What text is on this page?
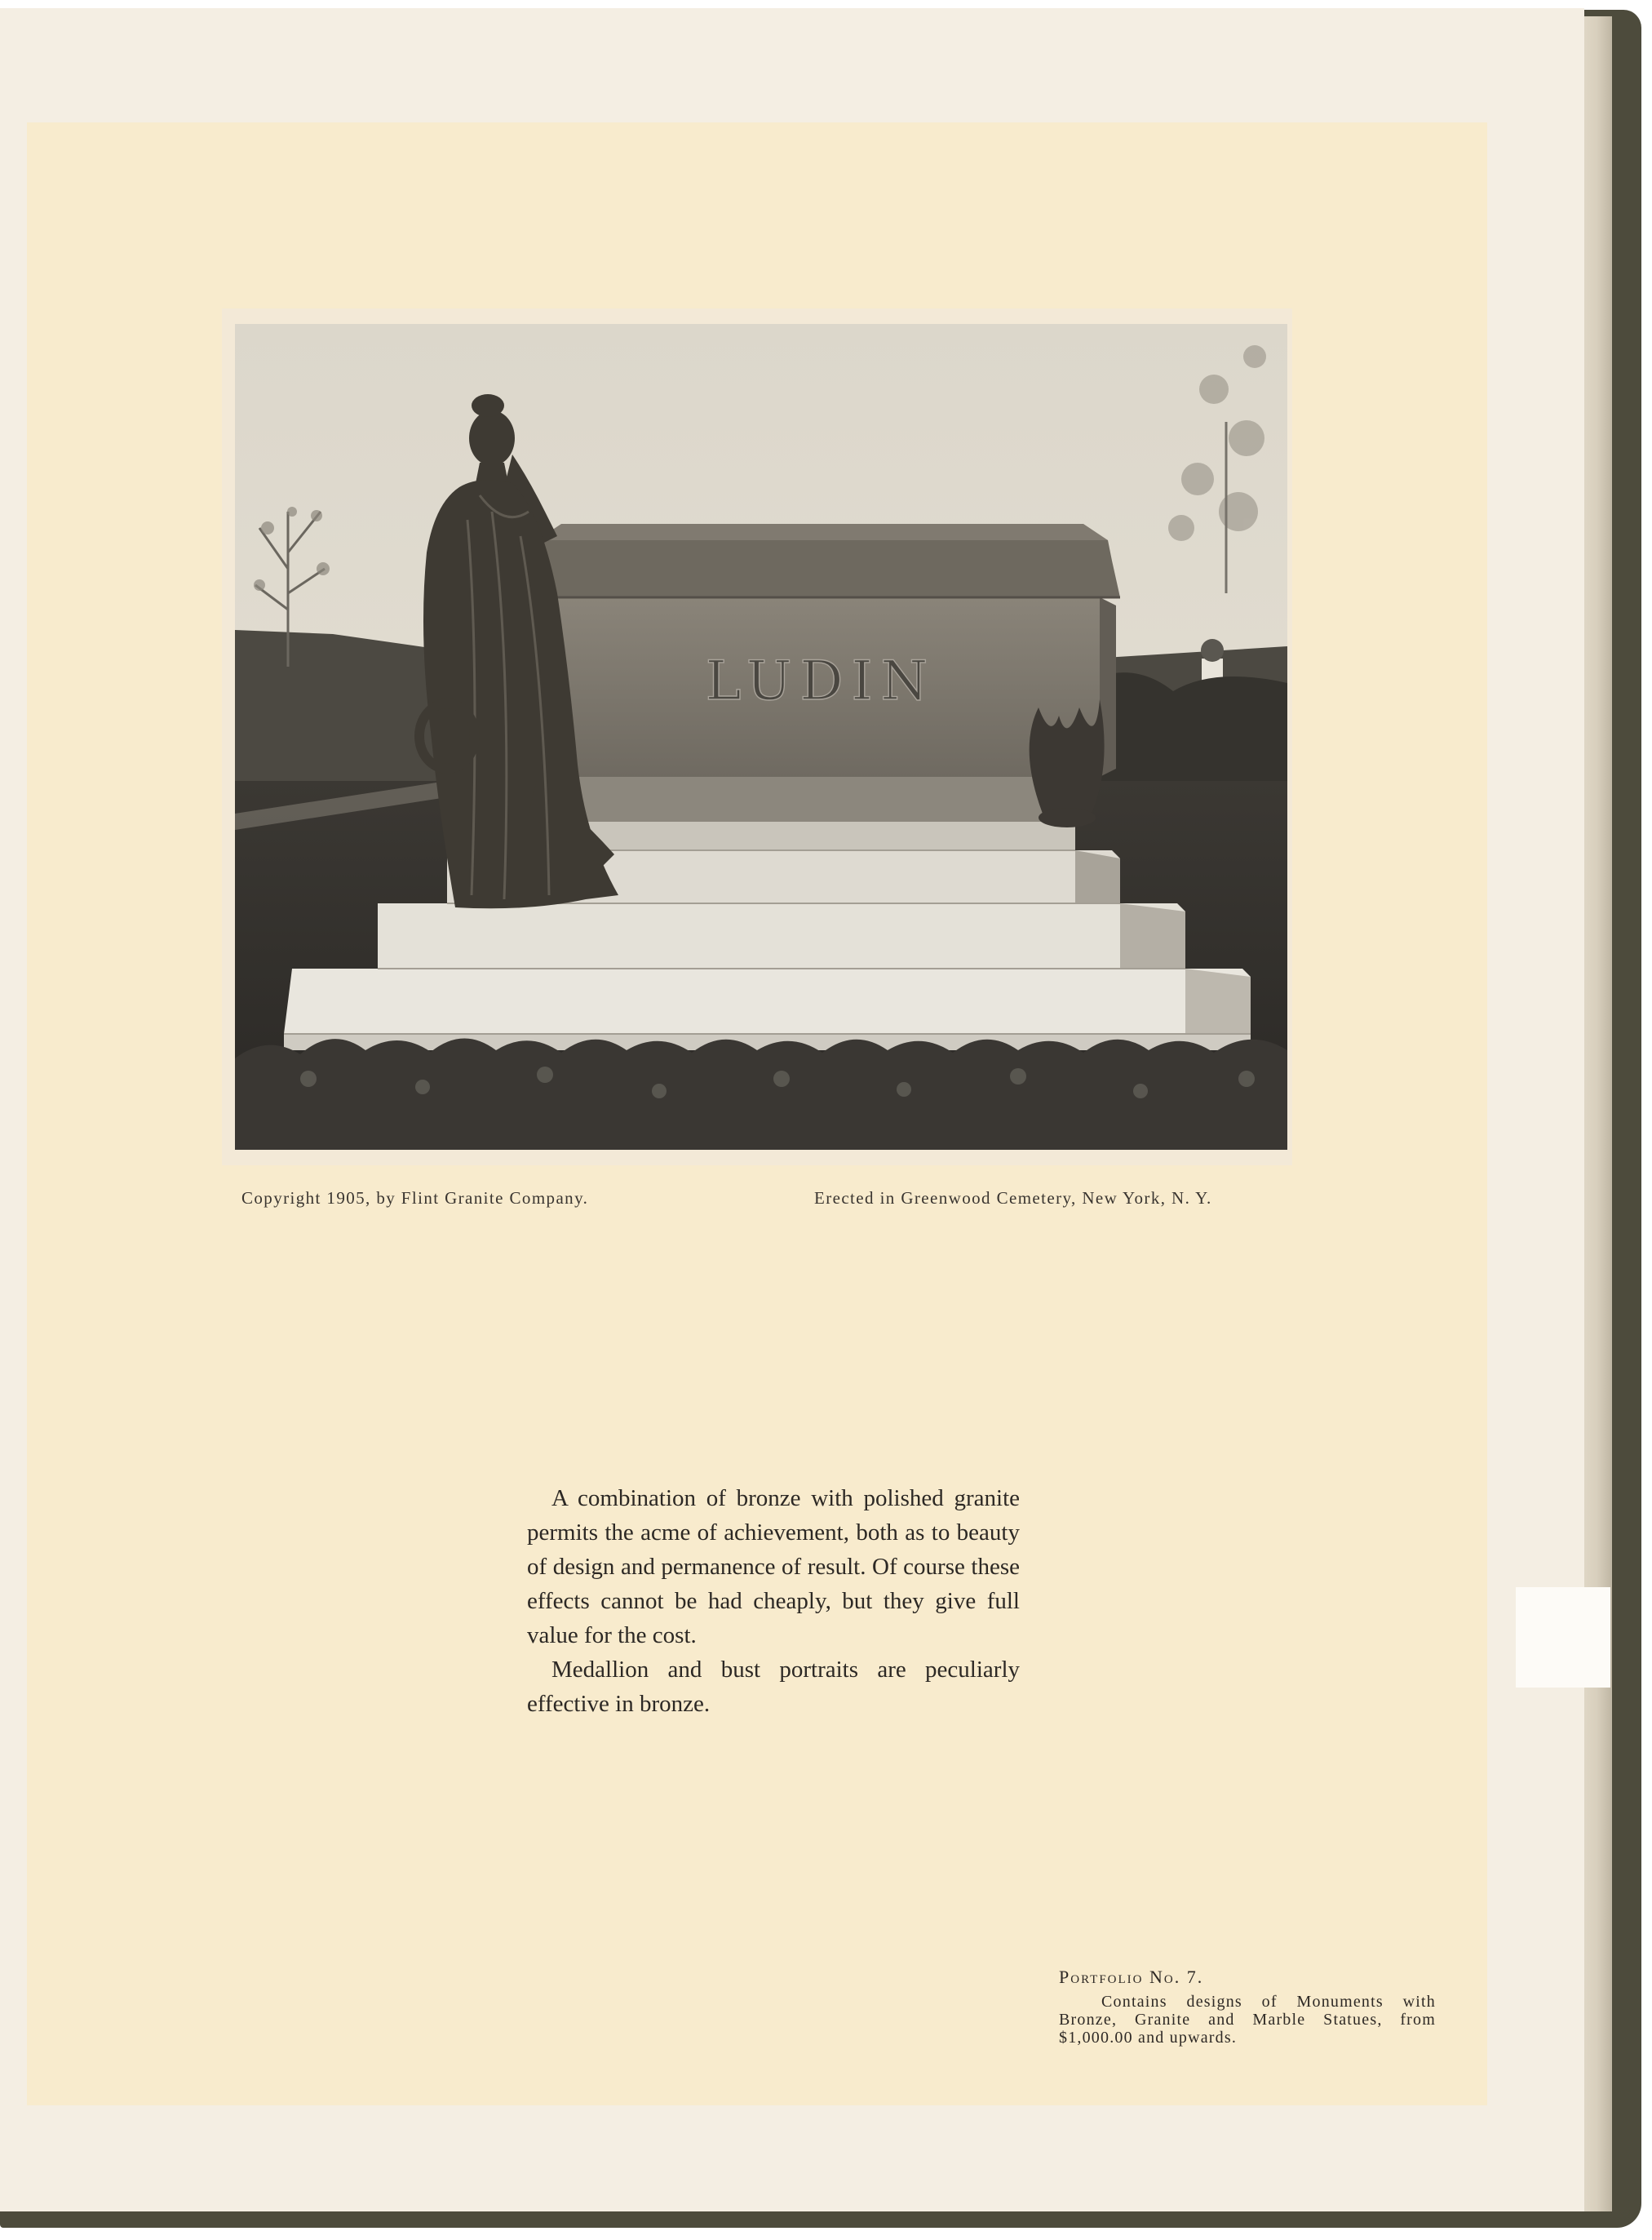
LUDIN
Copyright 1905, by Flint Granite Company.	Erected in Greenwood Cemetery, New York, N. Y.

A combination of bronze with polished granite permits the acme of achievement, both as to beauty of design and permanence of result. Of course these effects cannot be had cheaply, but they give full value for the cost.

Medallion and bust portraits are peculiarly effective in bronze.

Portfolio No. 7.
Contains designs of Monuments with Bronze, Granite and Marble Statues, from $1,000.00 and upwards.
